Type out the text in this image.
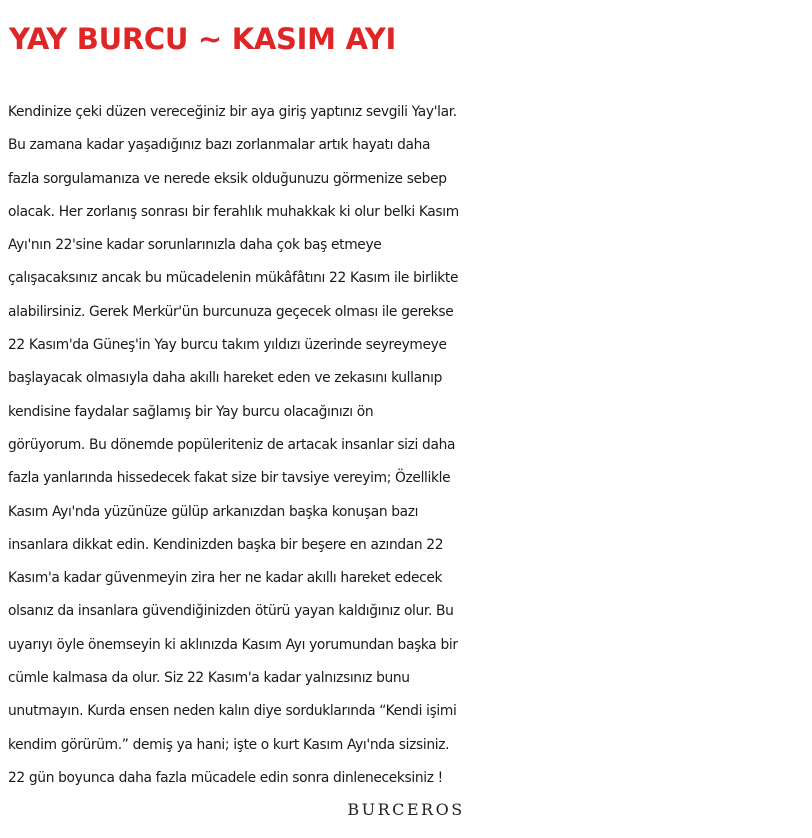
YAY BURCU ~ KASIM AYI

Kendinize çeki düzen vereceğiniz bir aya giriş yaptınız sevgili Yay'lar.
Bu zamana kadar yaşadığınız bazı zorlanmalar artık hayatı daha
fazla sorgulamanıza ve nerede eksik olduğunuzu görmenize sebep
olacak. Her zorlanış sonrası bir ferahlık muhakkak ki olur belki Kasım
Ayı'nın 22'sine kadar sorunlarınızla daha çok baş etmeye
çalışacaksınız ancak bu mücadelenin mükâfâtını 22 Kasım ile birlikte
alabilirsiniz. Gerek Merkür'ün burcunuza geçecek olması ile gerekse
22 Kasım'da Güneş'in Yay burcu takım yıldızı üzerinde seyreymeye
başlayacak olmasıyla daha akıllı hareket eden ve zekasını kullanıp
kendisine faydalar sağlamış bir Yay burcu olacağınızı ön
görüyorum. Bu dönemde popüleriteniz de artacak insanlar sizi daha
fazla yanlarında hissedecek fakat size bir tavsiye vereyim; Özellikle
Kasım Ayı'nda yüzünüze gülüp arkanızdan başka konuşan bazı
insanlara dikkat edin. Kendinizden başka bir beşere en azından 22
Kasım'a kadar güvenmeyin zira her ne kadar akıllı hareket edecek
olsanız da insanlara güvendiğinizden ötürü yayan kaldığınız olur. Bu
uyarıyı öyle önemseyin ki aklınızda Kasım Ayı yorumundan başka bir
cümle kalmasa da olur. Siz 22 Kasım'a kadar yalnızsınız bunu
unutmayın. Kurda ensen neden kalın diye sorduklarında “Kendi işimi
kendim görürüm.” demiş ya hani; işte o kurt Kasım Ayı'nda sizsiniz.
22 gün boyunca daha fazla mücadele edin sonra dinleneceksiniz !

BURCEROS
